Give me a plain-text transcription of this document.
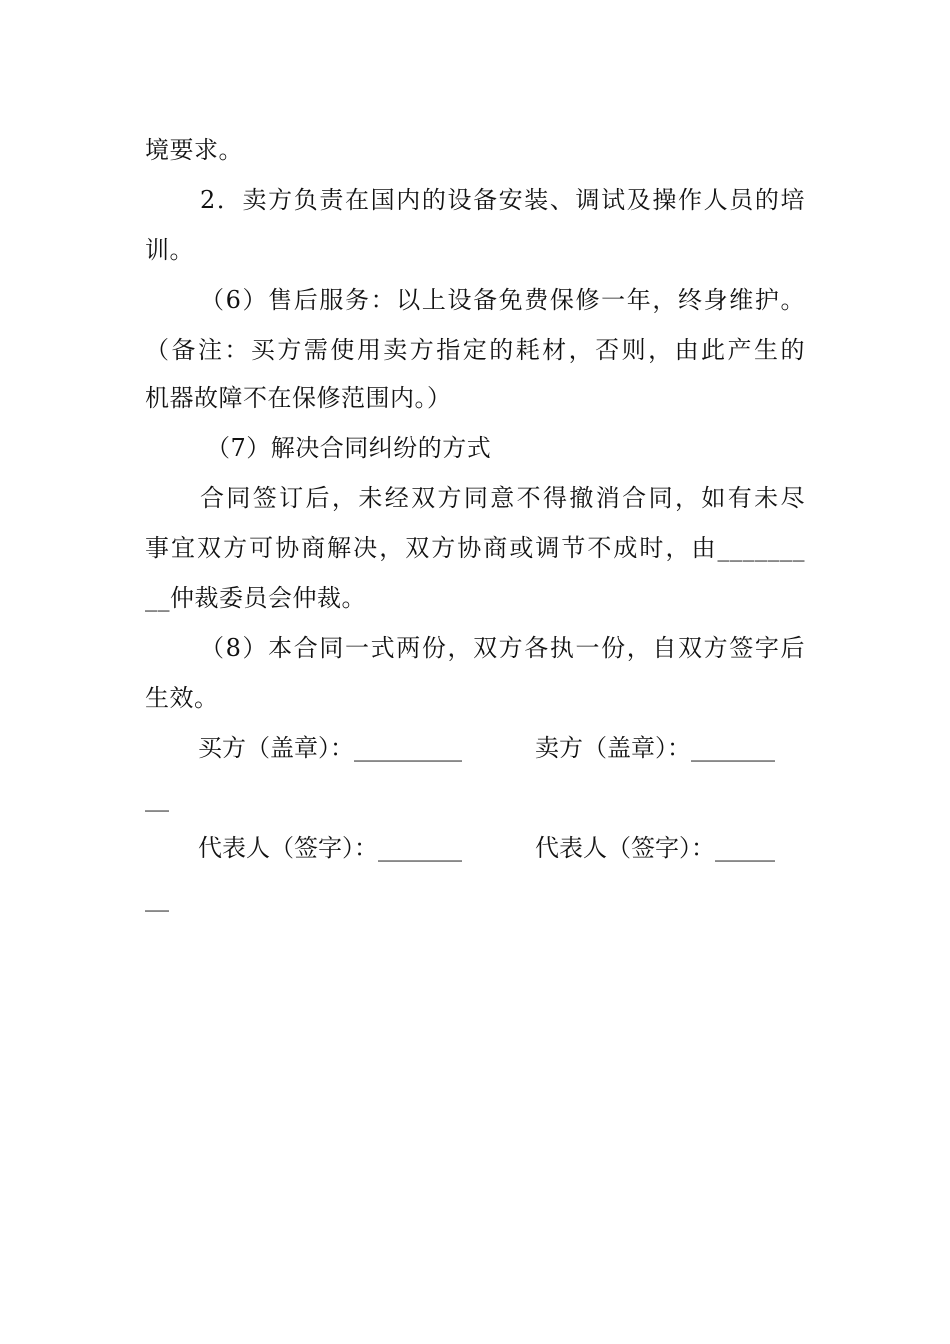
境要求。
2．卖方负责在国内的设备安装、调试及操作人员的培
训。
（6）售后服务：以上设备免费保修一年，终身维护。
（备注：买方需使用卖方指定的耗材，否则，由此产生的
机器故障不在保修范围内。）
（7）解决合同纠纷的方式
合同签订后，未经双方同意不得撤消合同，如有未尽
事宜双方可协商解决，双方协商或调节不成时，由_______
__仲裁委员会仲裁。
（8）本合同一式两份，双方各执一份，自双方签字后
生效。
买方（盖章）：_________	卖方（盖章）：_______
__
代表人（签字）：_______	代表人（签字）：_____
__
